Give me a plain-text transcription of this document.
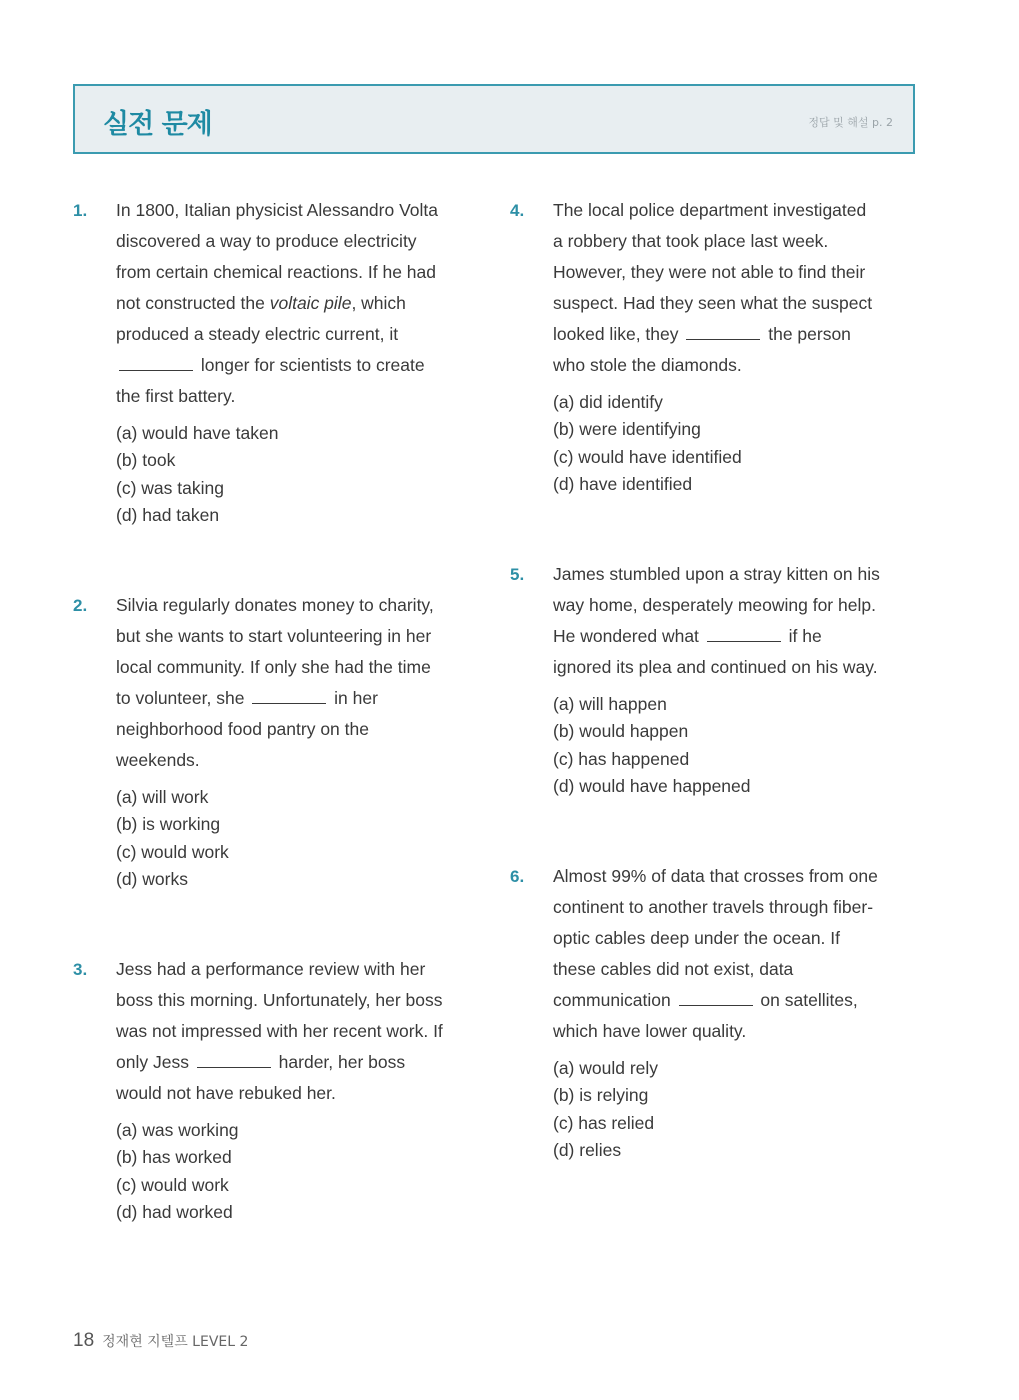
실전 문제	정답 및 해설 p. 2
1. In 1800, Italian physicist Alessandro Volta discovered a way to produce electricity from certain chemical reactions. If he had not constructed the voltaic pile, which produced a steady electric current, it  longer for scientists to create the first battery.
(a) would have taken
(b) took
(c) was taking
(d) had taken
2. Silvia regularly donates money to charity, but she wants to start volunteering in her local community. If only she had the time to volunteer, she	in her neighborhood food pantry on the weekends.
(a) will work
(b) is working
(c) would work
(d) works
3. Jess had a performance review with her boss this morning. Unfortunately, her boss was not impressed with her recent work. If only Jess	harder, her boss would not have rebuked her.
(a) was working
(b) has worked
(c) would work
(d) had worked
4. The local police department investigated a robbery that took place last week. However, they were not able to find their suspect. Had they seen what the suspect looked like, they	the person who stole the diamonds.
(a) did identify
(b) were identifying
(c) would have identified
(d) have identified
5. James stumbled upon a stray kitten on his way home, desperately meowing for help. He wondered what	if he ignored its plea and continued on his way.
(a) will happen
(b) would happen
(c) has happened
(d) would have happened
6. Almost 99% of data that crosses from one continent to another travels through fiber-optic cables deep under the ocean. If these cables did not exist, data communication	on satellites, which have lower quality.
(a) would rely
(b) is relying
(c) has relied
(d) relies
18 정재현 지텔프 LEVEL 2
